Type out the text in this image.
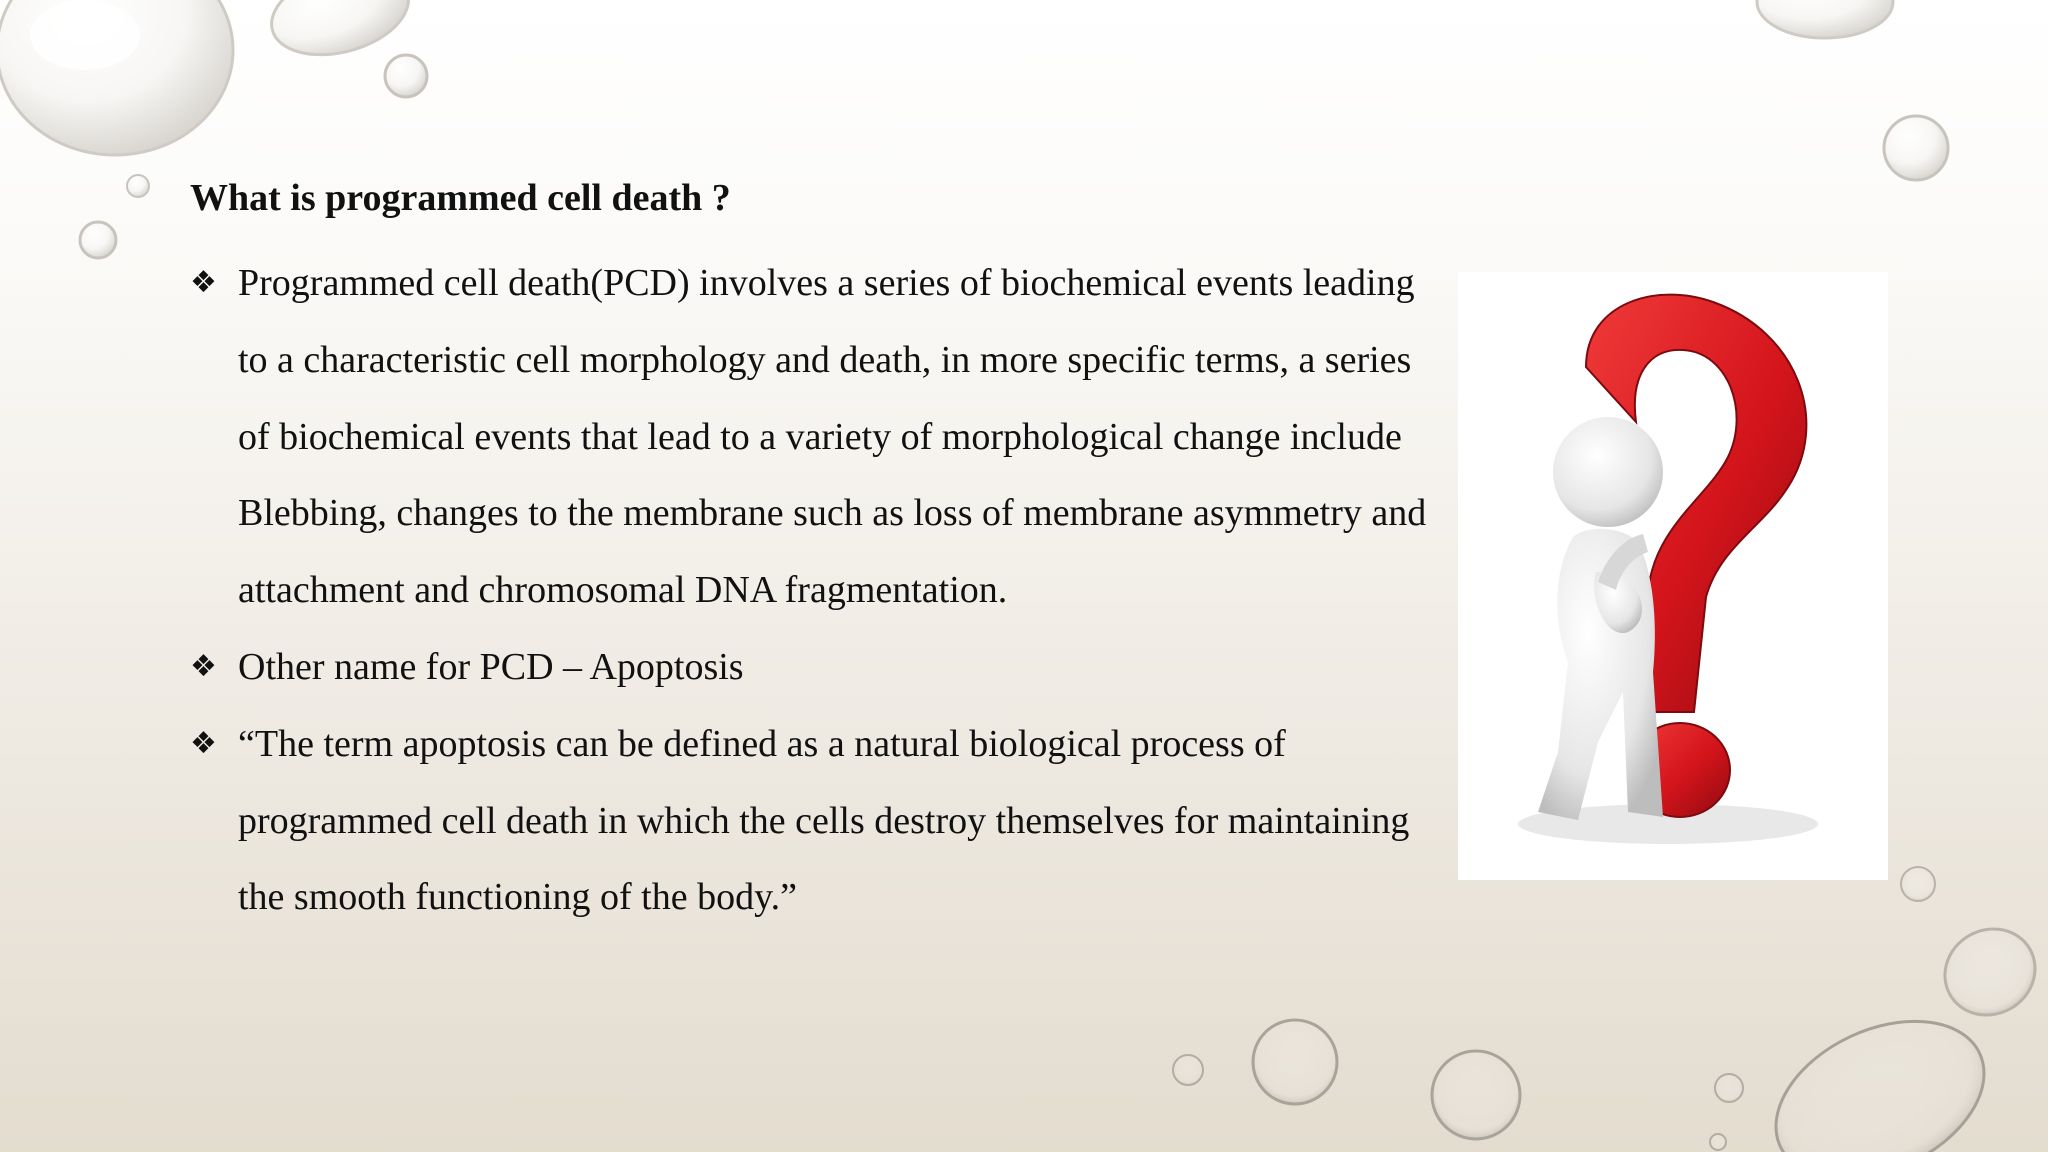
What is programmed cell death ?
❖ Programmed cell death(PCD) involves a series of biochemical events leading to a characteristic cell morphology and death, in more specific terms, a series of biochemical events that lead to a variety of morphological change include Blebbing, changes to the membrane such as loss of membrane asymmetry and attachment and chromosomal DNA fragmentation.
❖ Other name for PCD – Apoptosis
❖ “The term apoptosis can be defined as a natural biological process of programmed cell death in which the cells destroy themselves for maintaining the smooth functioning of the body.”
